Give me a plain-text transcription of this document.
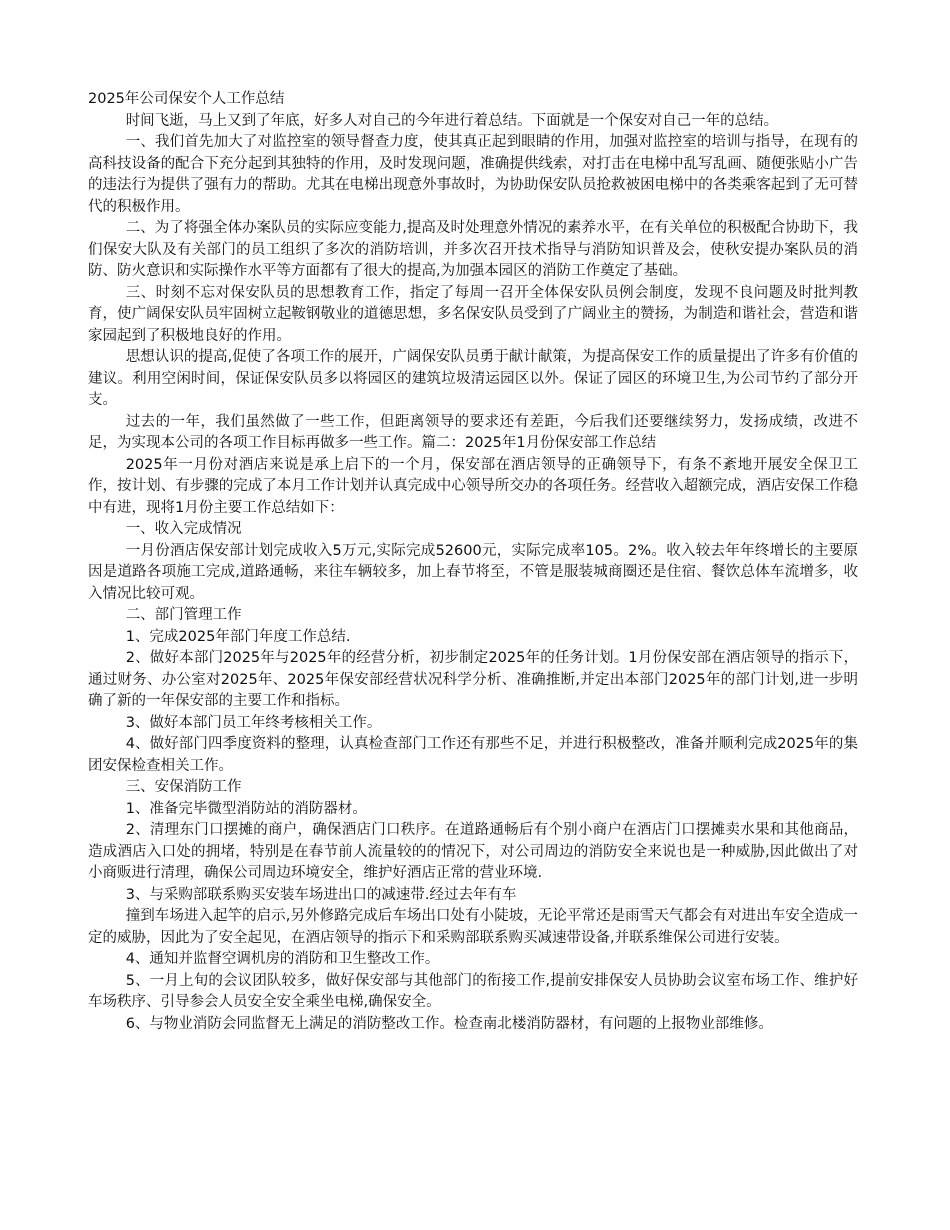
2025年公司保安个人工作总结

时间飞逝，马上又到了年底，好多人对自己的今年进行着总结。下面就是一个保安对自己一年的总结。

一、我们首先加大了对监控室的领导督查力度，使其真正起到眼睛的作用，加强对监控室的培训与指导，在现有的高科技设备的配合下充分起到其独特的作用，及时发现问题，准确提供线索，对打击在电梯中乱写乱画、随便张贴小广告的违法行为提供了强有力的帮助。尤其在电梯出现意外事故时，为协助保安队员抢救被困电梯中的各类乘客起到了无可替代的积极作用。

二、为了将强全体办案队员的实际应变能力,提高及时处理意外情况的素养水平，在有关单位的积极配合协助下，我们保安大队及有关部门的员工组织了多次的消防培训，并多次召开技术指导与消防知识普及会，使秋安提办案队员的消防、防火意识和实际操作水平等方面都有了很大的提高,为加强本园区的消防工作奠定了基础。

三、时刻不忘对保安队员的思想教育工作，指定了每周一召开全体保安队员例会制度，发现不良问题及时批判教育，使广阔保安队员牢固树立起鞍钢敬业的道德思想，多名保安队员受到了广阔业主的赞扬，为制造和谐社会，营造和谐家园起到了积极地良好的作用。

思想认识的提高,促使了各项工作的展开，广阔保安队员勇于献计献策，为提高保安工作的质量提出了许多有价值的建议。利用空闲时间，保证保安队员多以将园区的建筑垃圾清运园区以外。保证了园区的环境卫生,为公司节约了部分开支。

过去的一年，我们虽然做了一些工作，但距离领导的要求还有差距，今后我们还要继续努力，发扬成绩，改进不足，为实现本公司的各项工作目标再做多一些工作。篇二：2025年1月份保安部工作总结

2025年一月份对酒店来说是承上启下的一个月，保安部在酒店领导的正确领导下，有条不紊地开展安全保卫工作，按计划、有步骤的完成了本月工作计划并认真完成中心领导所交办的各项任务。经营收入超额完成，酒店安保工作稳中有进，现将1月份主要工作总结如下：

一、收入完成情况

一月份酒店保安部计划完成收入5万元,实际完成52600元，实际完成率105。2%。收入较去年年终增长的主要原因是道路各项施工完成,道路通畅，来往车辆较多，加上春节将至，不管是服装城商圈还是住宿、餐饮总体车流增多，收入情况比较可观。

二、部门管理工作

1、完成2025年部门年度工作总结.

2、做好本部门2025年与2025年的经营分析，初步制定2025年的任务计划。1月份保安部在酒店领导的指示下，通过财务、办公室对2025年、2025年保安部经营状况科学分析、准确推断,并定出本部门2025年的部门计划,进一步明确了新的一年保安部的主要工作和指标。

3、做好本部门员工年终考核相关工作。

4、做好部门四季度资料的整理，认真检查部门工作还有那些不足，并进行积极整改，准备并顺利完成2025年的集团安保检查相关工作。

三、安保消防工作

1、准备完毕微型消防站的消防器材。

2、清理东门口摆摊的商户，确保酒店门口秩序。在道路通畅后有个别小商户在酒店门口摆摊卖水果和其他商品，造成酒店入口处的拥堵，特别是在春节前人流量较的的情况下，对公司周边的消防安全来说也是一种威胁,因此做出了对小商贩进行清理，确保公司周边环境安全，维护好酒店正常的营业环境.

3、与采购部联系购买安装车场进出口的减速带.经过去年有车

撞到车场进入起竿的启示,另外修路完成后车场出口处有小陡坡，无论平常还是雨雪天气都会有对进出车安全造成一定的威胁，因此为了安全起见，在酒店领导的指示下和采购部联系购买减速带设备,并联系维保公司进行安装。

4、通知并监督空调机房的消防和卫生整改工作。

5、一月上旬的会议团队较多，做好保安部与其他部门的衔接工作,提前安排保安人员协助会议室布场工作、维护好车场秩序、引导参会人员安全安全乘坐电梯,确保安全。

6、与物业消防会同监督无上满足的消防整改工作。检查南北楼消防器材，有问题的上报物业部维修。
